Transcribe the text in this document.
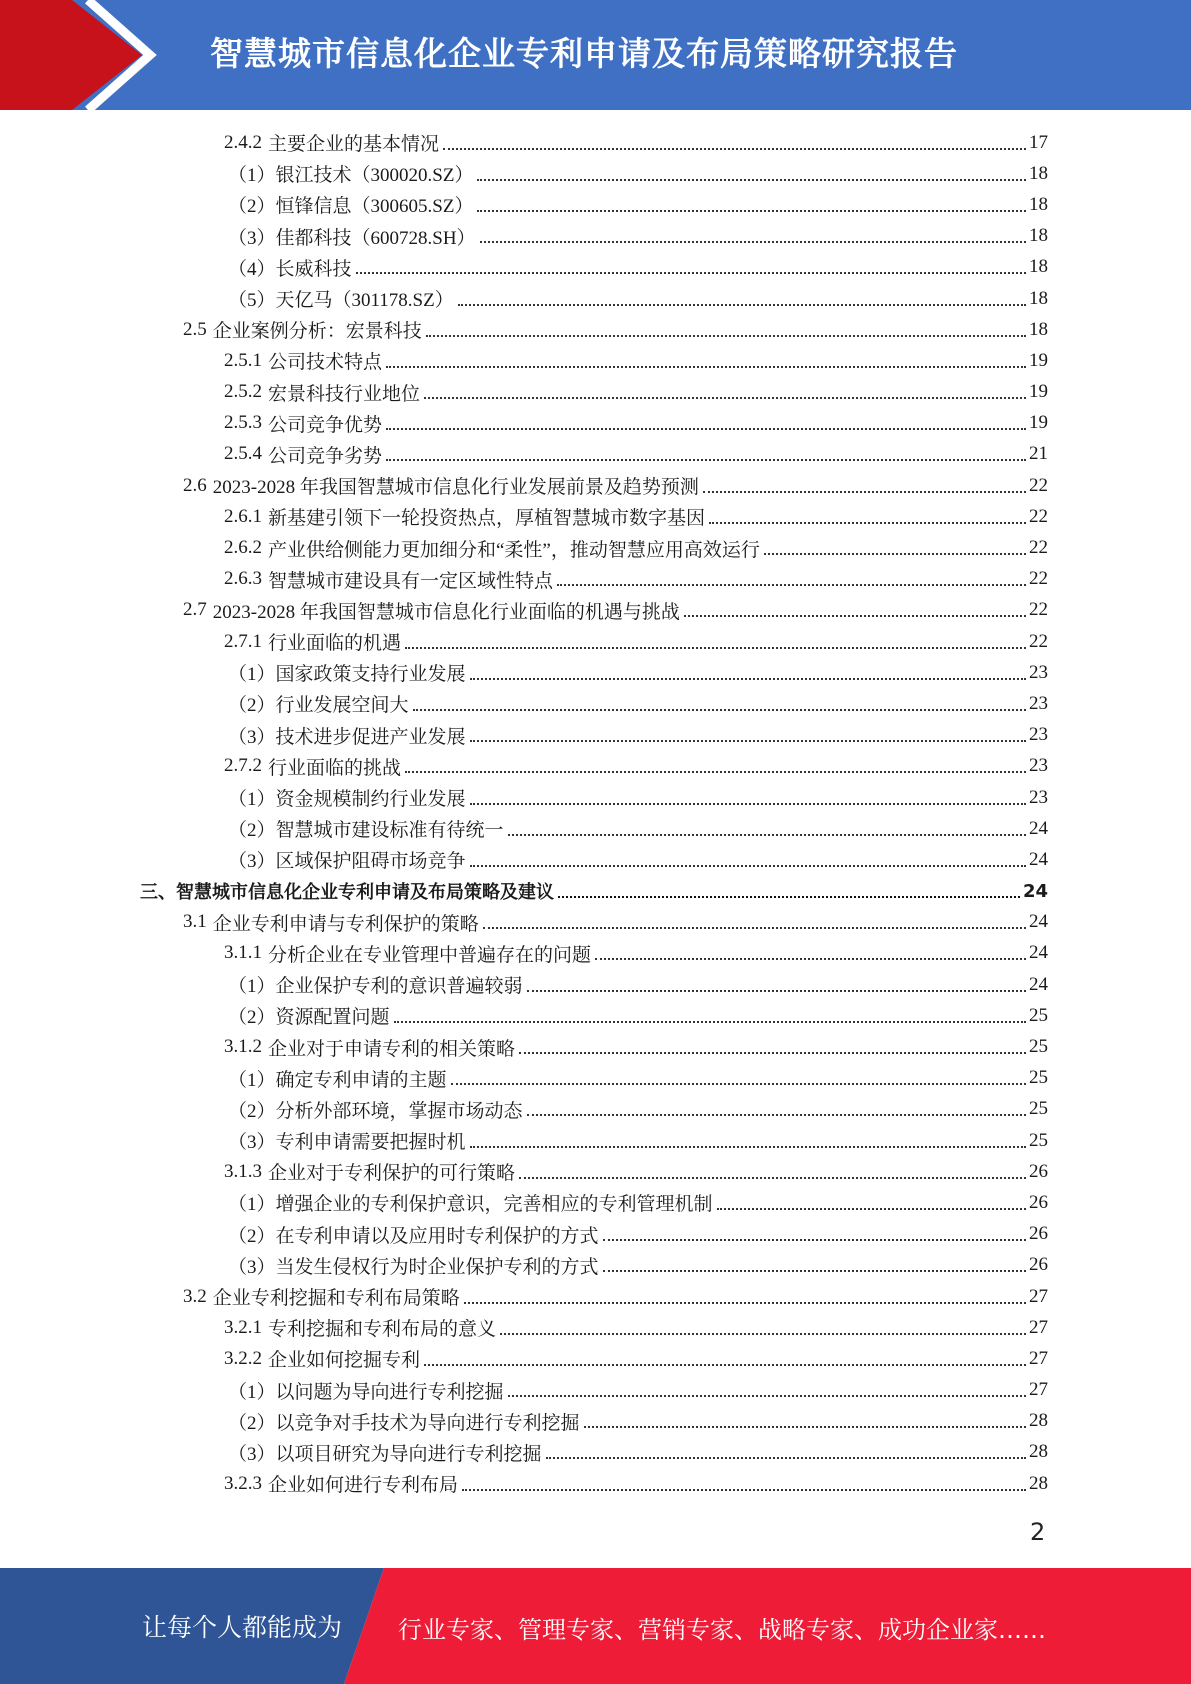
智慧城市信息化企业专利申请及布局策略研究报告
2.4.2 主要企业的基本情况	17
（1） 银江技术（300020.SZ）	18
（2） 恒锋信息（300605.SZ）	18
（3） 佳都科技（600728.SH）	18
（4） 长威科技	18
（5） 天亿马（301178.SZ）	18
2.5 企业案例分析：宏景科技	18
2.5.1 公司技术特点	19
2.5.2 宏景科技行业地位	19
2.5.3 公司竞争优势	19
2.5.4 公司竞争劣势	21
2.6 2023-2028 年我国智慧城市信息化行业发展前景及趋势预测	22
2.6.1 新基建引领下一轮投资热点，厚植智慧城市数字基因	22
2.6.2 产业供给侧能力更加细分和“柔性”，推动智慧应用高效运行	22
2.6.3 智慧城市建设具有一定区域性特点	22
2.7 2023-2028 年我国智慧城市信息化行业面临的机遇与挑战	22
2.7.1 行业面临的机遇	22
（1） 国家政策支持行业发展	23
（2） 行业发展空间大	23
（3） 技术进步促进产业发展	23
2.7.2 行业面临的挑战	23
（1） 资金规模制约行业发展	23
（2） 智慧城市建设标准有待统一	24
（3） 区域保护阻碍市场竞争	24
三、 智慧城市信息化企业专利申请及布局策略及建议	24
3.1 企业专利申请与专利保护的策略	24
3.1.1 分析企业在专业管理中普遍存在的问题	24
（1） 企业保护专利的意识普遍较弱	24
（2） 资源配置问题	25
3.1.2 企业对于申请专利的相关策略	25
（1） 确定专利申请的主题	25
（2） 分析外部环境，掌握市场动态	25
（3） 专利申请需要把握时机	25
3.1.3 企业对于专利保护的可行策略	26
（1） 增强企业的专利保护意识，完善相应的专利管理机制	26
（2） 在专利申请以及应用时专利保护的方式	26
（3） 当发生侵权行为时企业保护专利的方式	26
3.2 企业专利挖掘和专利布局策略	27
3.2.1 专利挖掘和专利布局的意义	27
3.2.2 企业如何挖掘专利	27
（1） 以问题为导向进行专利挖掘	27
（2） 以竞争对手技术为导向进行专利挖掘	28
（3） 以项目研究为导向进行专利挖掘	28
3.2.3 企业如何进行专利布局	28
2
让每个人都能成为 行业专家、管理专家、营销专家、战略专家、成功企业家……
